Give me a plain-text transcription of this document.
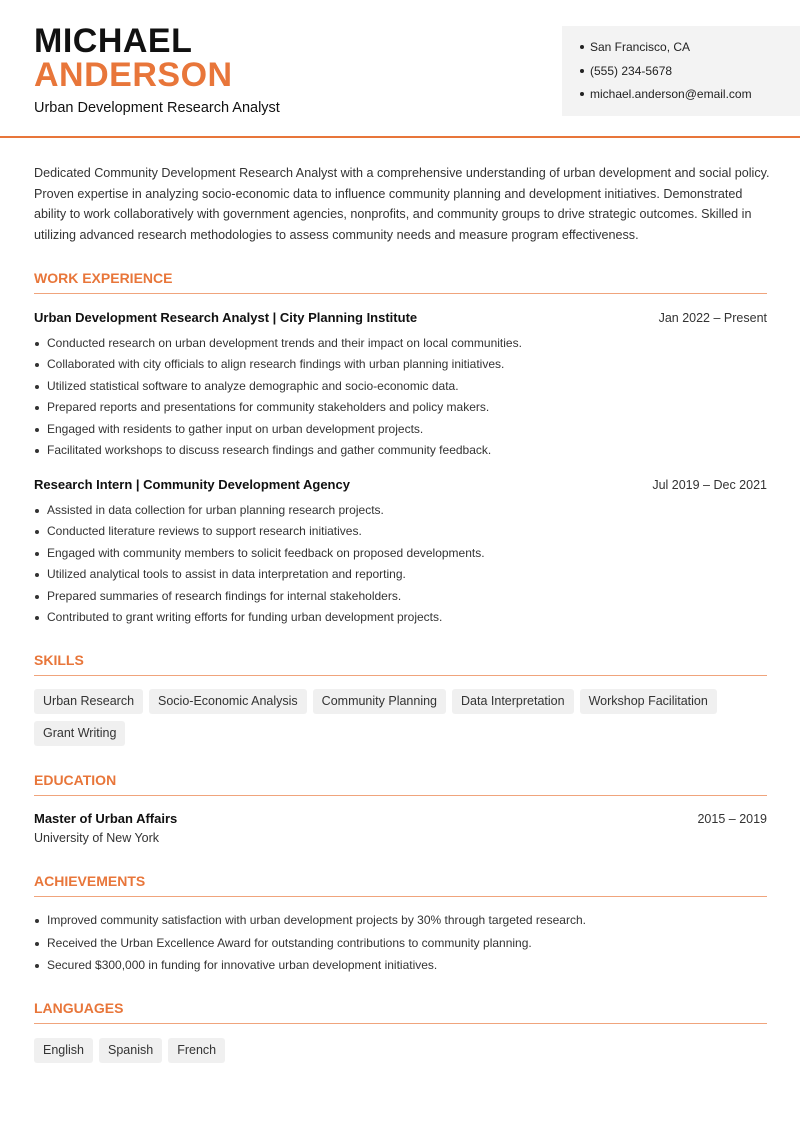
MICHAEL
ANDERSON
Urban Development Research Analyst
San Francisco, CA
(555) 234-5678
michael.anderson@email.com

Dedicated Community Development Research Analyst with a comprehensive understanding of urban development and social policy. Proven expertise in analyzing socio-economic data to influence community planning and development initiatives. Demonstrated ability to work collaboratively with government agencies, nonprofits, and community groups to drive strategic outcomes. Skilled in utilizing advanced research methodologies to assess community needs and measure program effectiveness.

WORK EXPERIENCE
Urban Development Research Analyst | City Planning Institute	Jan 2022 – Present
Conducted research on urban development trends and their impact on local communities.
Collaborated with city officials to align research findings with urban planning initiatives.
Utilized statistical software to analyze demographic and socio-economic data.
Prepared reports and presentations for community stakeholders and policy makers.
Engaged with residents to gather input on urban development projects.
Facilitated workshops to discuss research findings and gather community feedback.
Research Intern | Community Development Agency	Jul 2019 – Dec 2021
Assisted in data collection for urban planning research projects.
Conducted literature reviews to support research initiatives.
Engaged with community members to solicit feedback on proposed developments.
Utilized analytical tools to assist in data interpretation and reporting.
Prepared summaries of research findings for internal stakeholders.
Contributed to grant writing efforts for funding urban development projects.
SKILLS
Urban Research	Socio-Economic Analysis	Community Planning	Data Interpretation	Workshop Facilitation
Grant Writing
EDUCATION
Master of Urban Affairs	2015 – 2019
University of New York
ACHIEVEMENTS
Improved community satisfaction with urban development projects by 30% through targeted research.
Received the Urban Excellence Award for outstanding contributions to community planning.
Secured $300,000 in funding for innovative urban development initiatives.
LANGUAGES
English	Spanish	French
